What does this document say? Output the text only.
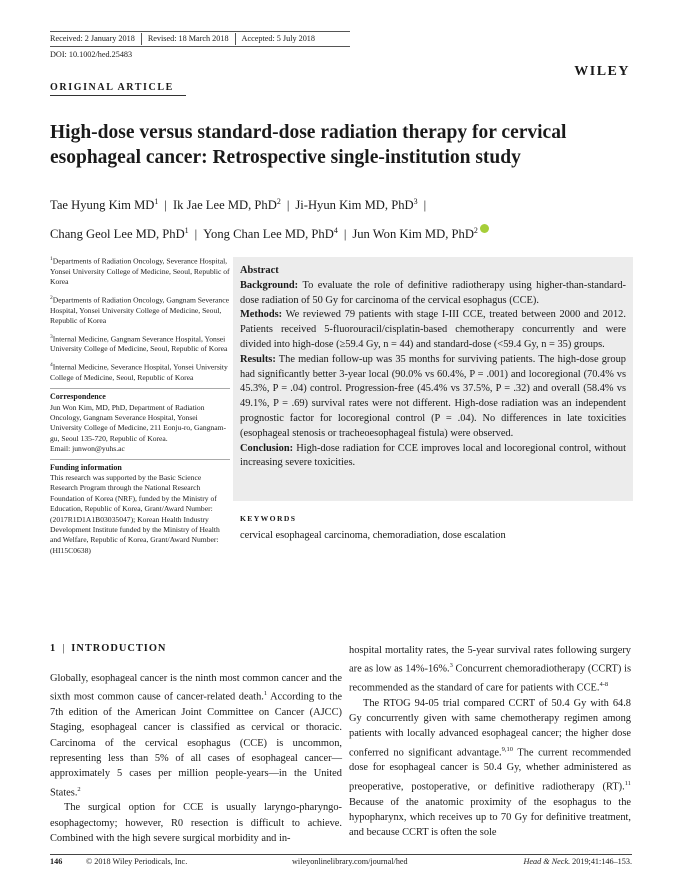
Received: 2 January 2018	Revised: 18 March 2018	Accepted: 5 July 2018
DOI: 10.1002/hed.25483
WILEY
ORIGINAL ARTICLE
High-dose versus standard-dose radiation therapy for cervical
esophageal cancer: Retrospective single-institution study
Tae Hyung Kim $MD^1$ | Ik Jae Lee MD, PhD$^2$ | Ji-Hyun Kim MD, PhD$^3$ |
Chang Geol Lee MD, PhD$^1$ | Yong Chan Lee MD, PhD$^4$ | Jun Won Kim MD, PhD$^2$
$^1$Departments of Radiation Oncology, Severance Hospital, Yonsei University College of Medicine, Seoul, Republic of Korea
$^2$Departments of Radiation Oncology, Gangnam Severance Hospital, Yonsei University College of Medicine, Seoul, Republic of Korea
$^3$Internal Medicine, Gangnam Severance Hospital, Yonsei University College of Medicine, Seoul, Republic of Korea
$^4$Internal Medicine, Severance Hospital, Yonsei University College of Medicine, Seoul, Republic of Korea
Correspondence
Jun Won Kim, MD, PhD, Department of Radiation Oncology, Gangnam Severance Hospital, Yonsei University College of Medicine, 211 Eonju-ro, Gangnam-gu, Seoul 135-720, Republic of Korea.
Email: junwon@yuhs.ac
Funding information
This research was supported by the Basic Science Research Program through the National Research Foundation of Korea (NRF), funded by the Ministry of Education, Republic of Korea, Grant/Award Number: (2017R1D1A1B03035047); Korean Health Industry Development Institute funded by the Ministry of Health and Welfare, Republic of Korea, Grant/Award Number: (HI15C0638)
Abstract
Background: To evaluate the role of definitive radiotherapy using higher-than-standard-dose radiation of 50 Gy for carcinoma of the cervical esophagus (CCE).
Methods: We reviewed 79 patients with stage I-III CCE, treated between 2000 and 2012. Patients received 5-fluorouracil/cisplatin-based chemotherapy concurrently and were divided into high-dose (≥59.4 Gy, n = 44) and standard-dose (<59.4 Gy, n = 35) groups.
Results: The median follow-up was 35 months for surviving patients. The high-dose group had significantly better 3-year local (90.0% vs 60.4%, P = .001) and locoregional (70.4% vs 45.3%, P = .04) control. Progression-free (45.4% vs 37.5%, P = .32) and overall (58.4% vs 49.1%, P = .69) survival rates were not different. High-dose radiation was an independent prognostic factor for locoregional control (P = .04). No differences in late toxicities (esophageal stenosis or tracheoesophageal fistula) were observed.
Conclusion: High-dose radiation for CCE improves local and locoregional control, without increasing severe toxicities.
KEYWORDS
cervical esophageal carcinoma, chemoradiation, dose escalation
1 | INTRODUCTION

Globally, esophageal cancer is the ninth most common cancer and the sixth most common cause of cancer-related death.$^1$ According to the 7th edition of the American Joint Committee on Cancer (AJCC) Staging, esophageal cancer is classified as cervical or thoracic. Carcinoma of the cervical esophagus (CCE) is uncommon, representing less than 5% of all cases of esophageal cancer—approximately 5 cases per million people-years—in the United States.$^2$

The surgical option for CCE is usually laryngo-pharyngo-esophagectomy; however, R0 resection is difficult to achieve. Combined with the high severe surgical morbidity and in-

hospital mortality rates, the 5-year survival rates following surgery are as low as 14%-16%.$^3$ Concurrent chemoradiotherapy (CCRT) is recommended as the standard of care for patients with CCE.$^{4-8}$

The RTOG 94-05 trial compared CCRT of 50.4 Gy with 64.8 Gy concurrently given with same chemotherapy regimen among patients with locally advanced esophageal cancer; the higher dose conferred no significant advantage.$^{9,10}$ The current recommended dose for esophageal cancer is 50.4 Gy, whether administered as preoperative, postoperative, or definitive radiotherapy (RT).$^{11}$ Because of the anatomic proximity of the esophagus to the hypopharynx, which receives up to 70 Gy for definitive treatment, and because CCRT is often the sole

146	© 2018 Wiley Periodicals, Inc.	wileyonlinelibrary.com/journal/hed	Head & Neck. 2019;41:146–153.
